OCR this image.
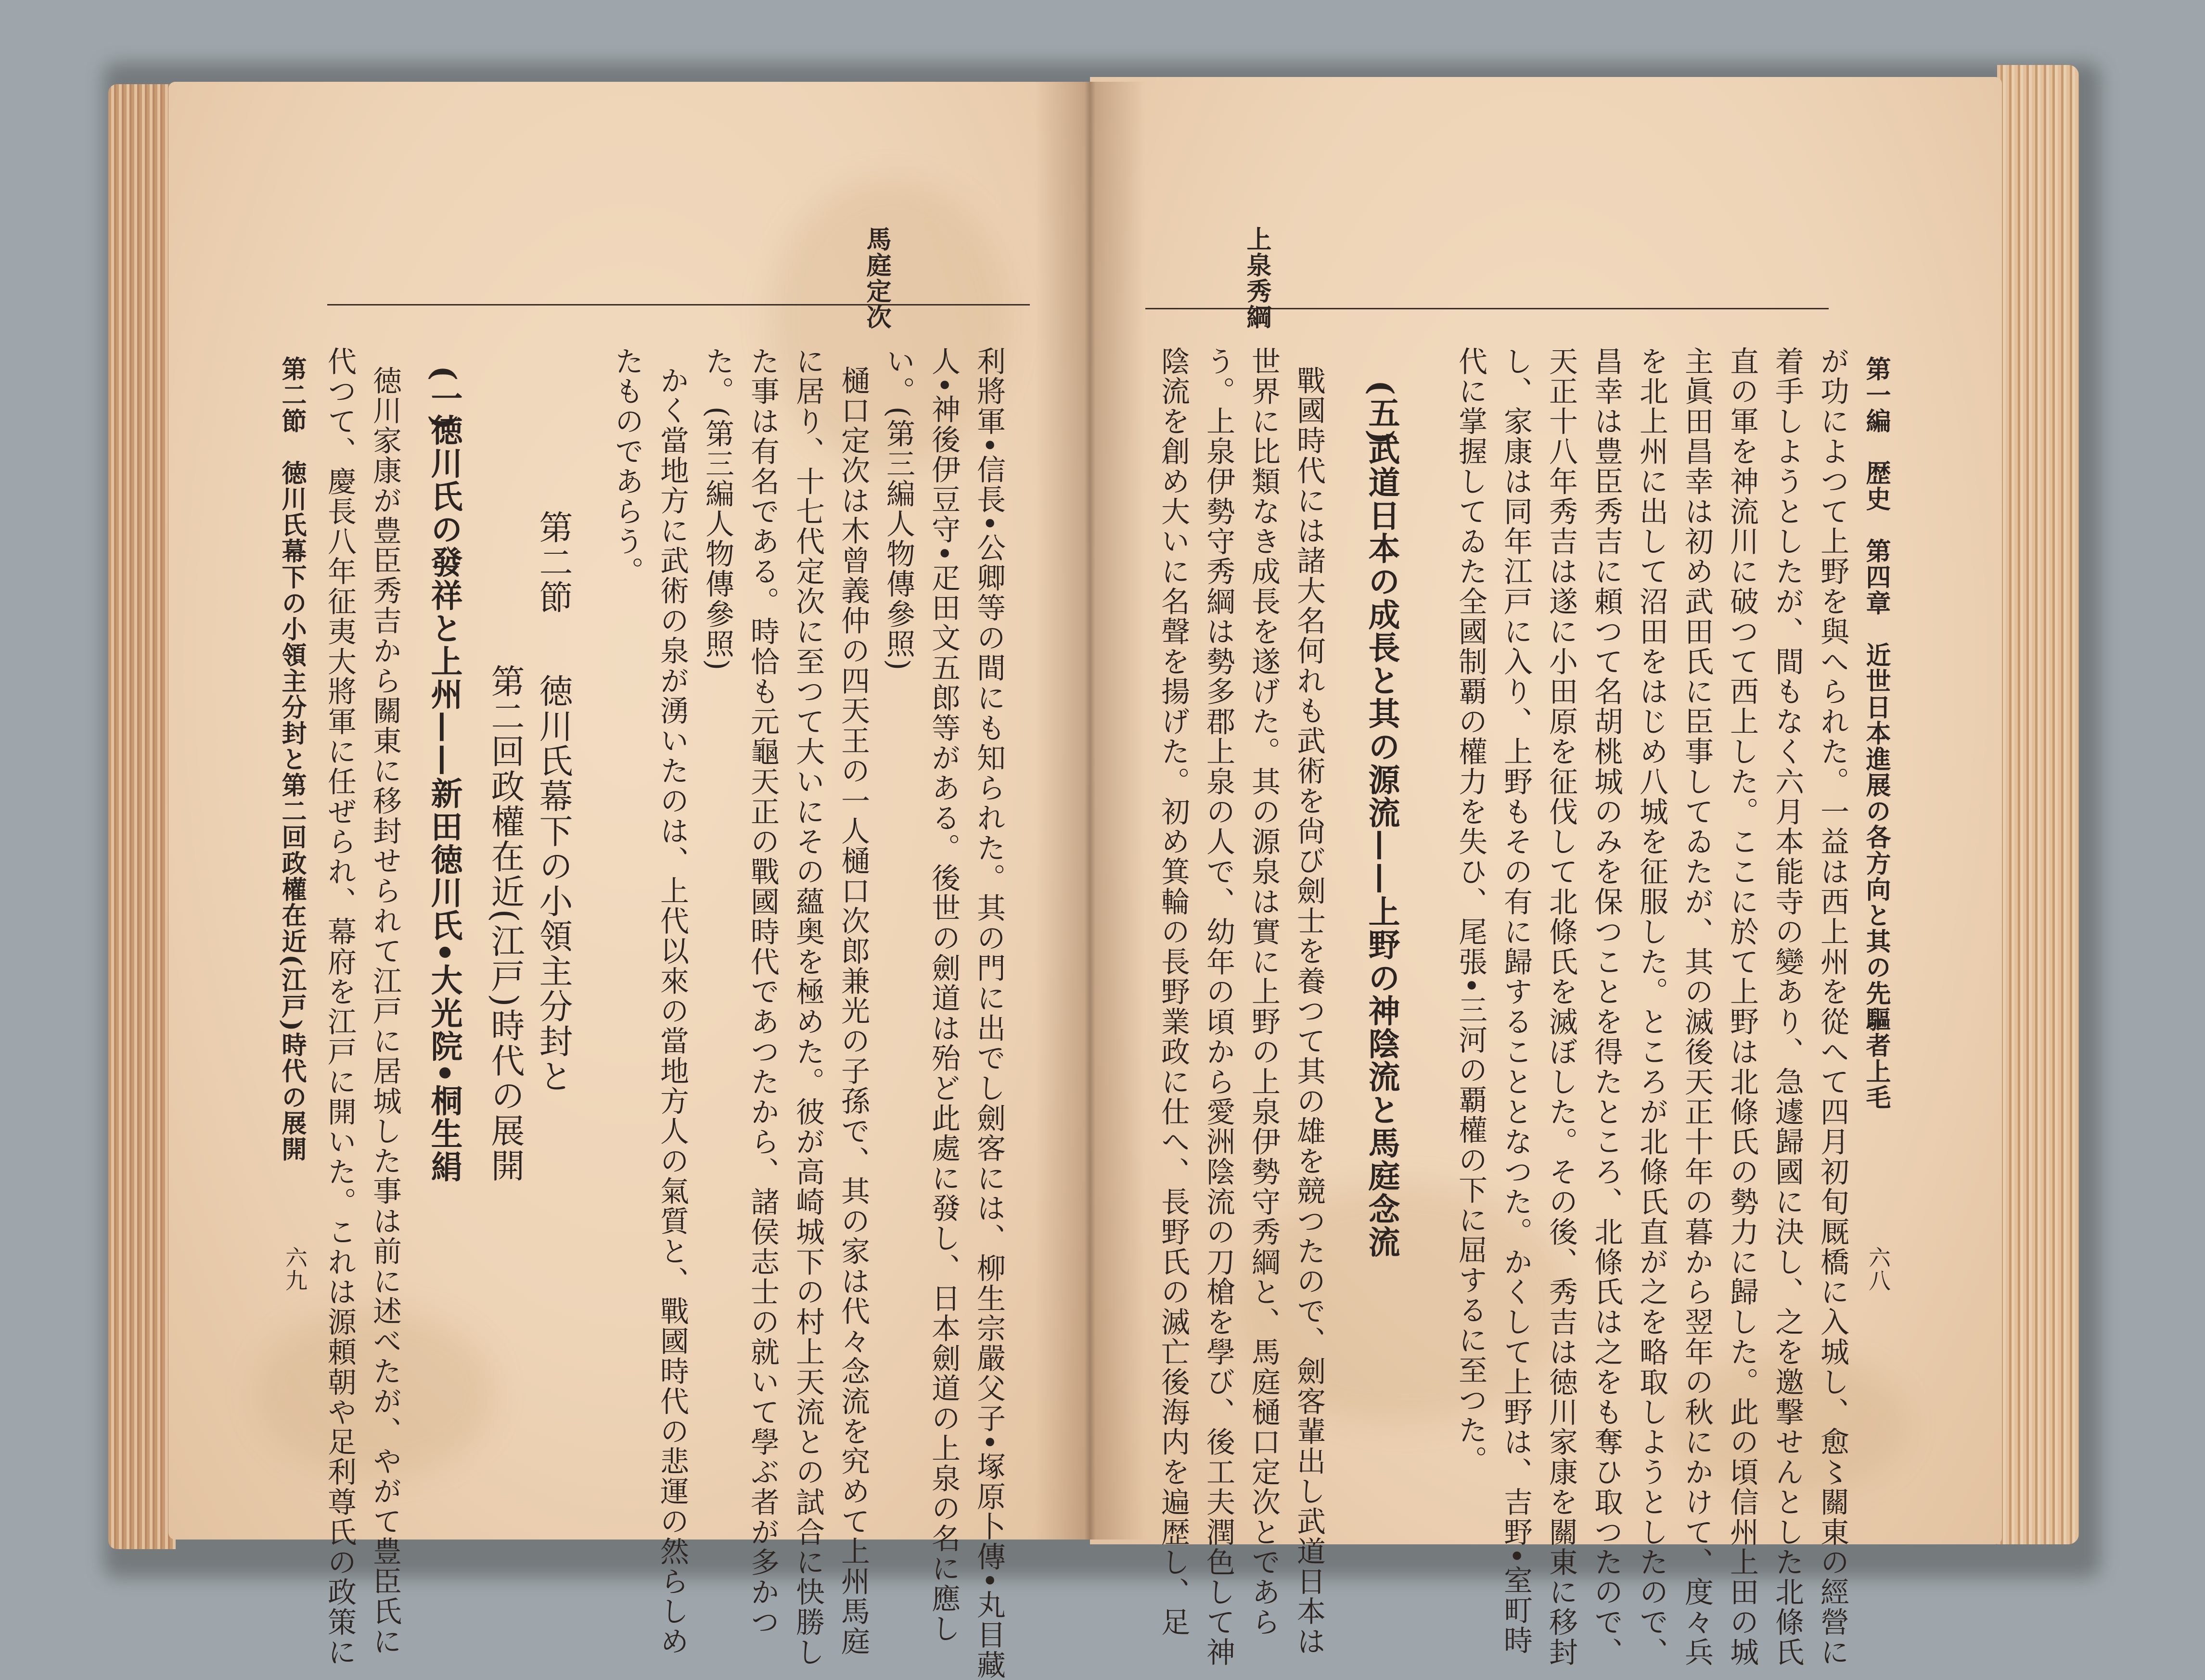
第一編　歴史　第四章　近世日本進展の各方向と其の先驅者上毛
六八
上泉秀綱
が功によつて上野を與へられた。一益は西上州を從へて四月初旬厩橋に入城し、愈〻關東の經營に
着手しようとしたが、間もなく六月本能寺の變あり、急遽歸國に決し、之を邀撃せんとした北條氏
直の軍を神流川に破つて西上した。ここに於て上野は北條氏の勢力に歸した。此の頃信州上田の城
主眞田昌幸は初め武田氏に臣事してゐたが、其の滅後天正十年の暮から翌年の秋にかけて、度々兵
を北上州に出して沼田をはじめ八城を征服した。ところが北條氏直が之を略取しようとしたので、
昌幸は豊臣秀吉に頼つて名胡桃城のみを保つことを得たところ、北條氏は之をも奪ひ取つたので、
天正十八年秀吉は遂に小田原を征伐して北條氏を滅ぼした。その後、秀吉は徳川家康を關東に移封
し、家康は同年江戸に入り、上野もその有に歸することとなつた。かくして上野は、吉野•室町時
代に掌握してゐた全國制覇の權力を失ひ、尾張•三河の覇權の下に屈するに至つた。
(五)
武道日本の成長と其の源流——上野の神陰流と馬庭念流
戰國時代には諸大名何れも武術を尙び劍士を養つて其の雄を競つたので、劍客輩出し武道日本は
世界に比類なき成長を遂げた。其の源泉は實に上野の上泉伊勢守秀綱と、馬庭樋口定次とであら
う。上泉伊勢守秀綱は勢多郡上泉の人で、幼年の頃から愛洲陰流の刀槍を學び、後工夫潤色して神
陰流を創め大いに名聲を揚げた。初め箕輪の長野業政に仕へ、長野氏の滅亡後海内を遍歴し、足
馬庭定次
利將軍•信長•公卿等の間にも知られた。其の門に出でし劍客には、柳生宗嚴父子•塚原卜傳•丸目藏
人•神後伊豆守•疋田文五郎等がある。後世の劍道は殆ど此處に發し、日本劍道の上泉の名に應し
い。(第三編人物傳參照)
樋口定次は木曾義仲の四天王の一人樋口次郎兼光の子孫で、其の家は代々念流を究めて上州馬庭
に居り、十七代定次に至つて大いにその蘊奥を極めた。彼が高崎城下の村上天流との試合に快勝し
た事は有名である。時恰も元龜天正の戰國時代であつたから、諸侯志士の就いて學ぶ者が多かつ
た。(第三編人物傳參照)
かく當地方に武術の泉が湧いたのは、上代以來の當地方人の氣質と、戰國時代の悲運の然らしめ
たものであらう。
第二節
徳川氏幕下の小領主分封と
第二回政權在近(江戸)時代の展開
(一)
徳川氏の發祥と上州——新田徳川氏•大光院•桐生絹
徳川家康が豊臣秀吉から關東に移封せられて江戸に居城した事は前に述べたが、やがて豊臣氏に
代つて、慶長八年征夷大將軍に任ぜられ、幕府を江戸に開いた。これは源頼朝や足利尊氏の政策に
第二節　徳川氏幕下の小領主分封と第二回政權在近(江戸)時代の展開
六九
